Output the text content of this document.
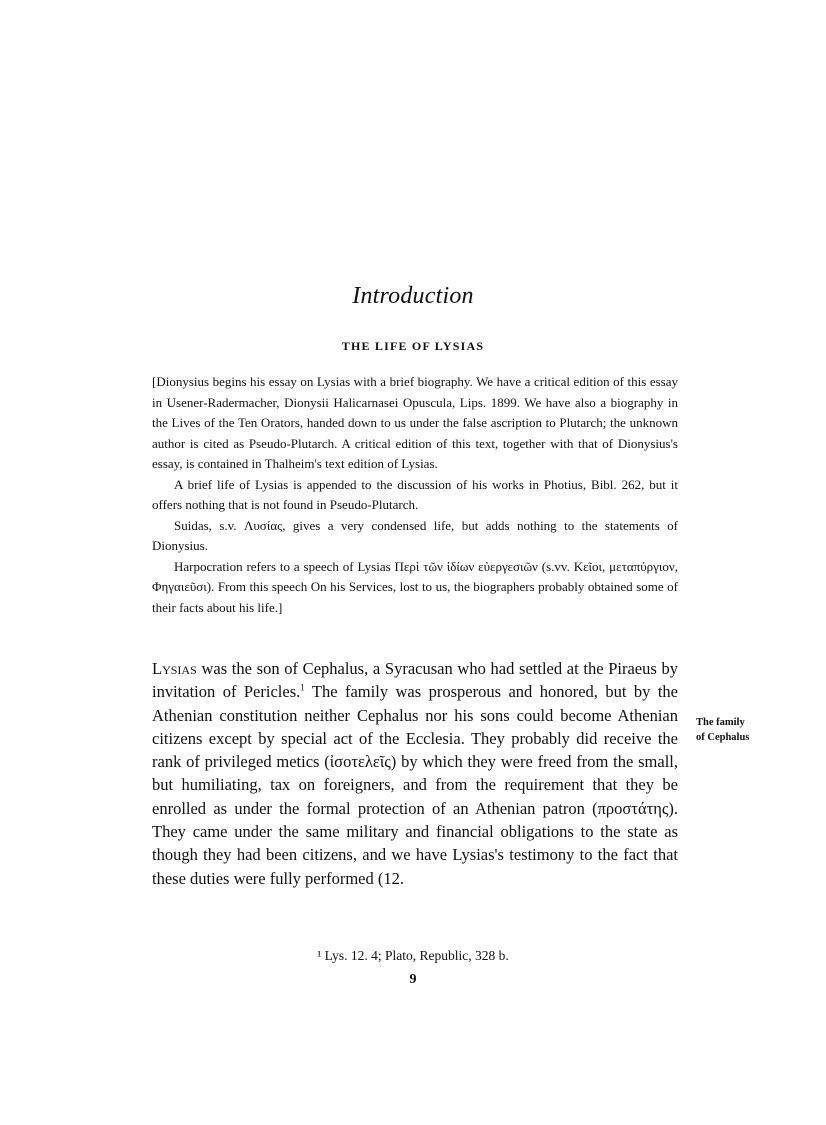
Introduction
THE LIFE OF LYSIAS

[Dionysius begins his essay on Lysias with a brief biography. We have a critical edition of this essay in Usener-Radermacher, Dionysii Halicarnasei Opuscula, Lips. 1899. We have also a biography in the Lives of the Ten Orators, handed down to us under the false ascription to Plutarch; the unknown author is cited as Pseudo-Plutarch. A critical edition of this text, together with that of Dionysius's essay, is contained in Thalheim's text edition of Lysias.

A brief life of Lysias is appended to the discussion of his works in Photius, Bibl. 262, but it offers nothing that is not found in Pseudo-Plutarch.

Suidas, s.v. Λυσίας, gives a very condensed life, but adds nothing to the statements of Dionysius.

Harpocration refers to a speech of Lysias Περὶ τῶν ἰδίων εὐεργεσιῶν (s.vv. Κεῖοι, μεταπύργιον, Φηγαιεῦσι). From this speech On his Services, lost to us, the biographers probably obtained some of their facts about his life.]

Lysias was the son of Cephalus, a Syracusan who had settled at the Piraeus by invitation of Pericles.$^1$ The family was prosperous and honored, but by the Athenian constitution neither Cephalus nor his sons could become Athenian citizens except by special act of the Ecclesia. They probably did receive the rank of privileged metics (ἰσοτελεῖς) by which they were freed from the small, but humiliating, tax on foreigners, and from the requirement that they be enrolled as under the formal protection of an Athenian patron (προστάτης). They came under the same military and financial obligations to the state as though they had been citizens, and we have Lysias's testimony to the fact that these duties were fully performed (12.

The family
of Cephalus

¹ Lys. 12. 4; Plato, Republic, 328 b.

9
